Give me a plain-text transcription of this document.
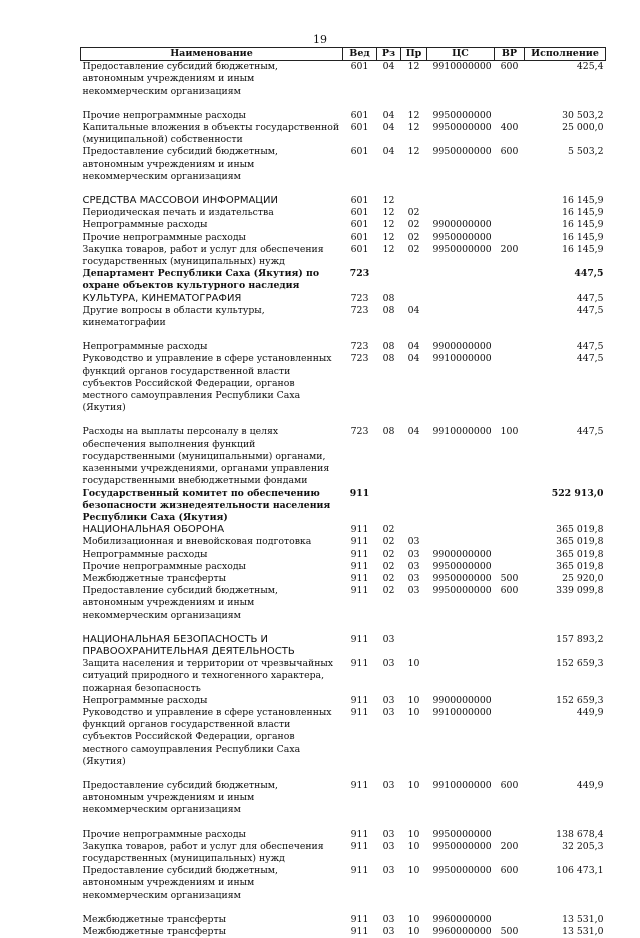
19
Наименование	Вед	Рз	Пр	ЦС	ВР	Исполнение
Предоставление субсидий бюджетным, автономным учреждениям и иным некоммерческим организациям	601	04	12	9910000000	600	425,4

Прочие непрограммные расходы	601	04	12	9950000000		30 503,2
Капитальные вложения в объекты государственной (муниципальной) собственности	601	04	12	9950000000	400	25 000,0
Предоставление субсидий бюджетным, автономным учреждениям и иным некоммерческим организациям	601	04	12	9950000000	600	5 503,2

СРЕДСТВА МАССОВОЙ ИНФОРМАЦИИ	601	12				16 145,9
Периодическая печать и издательства	601	12	02			16 145,9
Непрограммные расходы	601	12	02	9900000000		16 145,9
Прочие непрограммные расходы	601	12	02	9950000000		16 145,9
Закупка товаров, работ и услуг для обеспечения государственных (муниципальных) нужд	601	12	02	9950000000	200	16 145,9
Департамент Республики Саха (Якутия) по охране объектов культурного наследия	723					447,5
КУЛЬТУРА, КИНЕМАТОГРАФИЯ	723	08				447,5
Другие вопросы в области культуры, кинематографии	723	08	04			447,5

Непрограммные расходы	723	08	04	9900000000		447,5
Руководство и управление в сфере установленных функций органов государственной власти субъектов Российской Федерации, органов местного самоуправления Республики Саха (Якутия)	723	08	04	9910000000		447,5

Расходы на выплаты персоналу в целях обеспечения выполнения функций государственными (муниципальными) органами, казенными учреждениями, органами управления государственными внебюджетными фондами	723	08	04	9910000000	100	447,5
Государственный комитет по обеспечению безопасности жизнедеятельности населения Республики Саха (Якутия)	911					522 913,0
НАЦИОНАЛЬНАЯ ОБОРОНА	911	02				365 019,8
Мобилизационная и вневойсковая подготовка	911	02	03			365 019,8
Непрограммные расходы	911	02	03	9900000000		365 019,8
Прочие непрограммные расходы	911	02	03	9950000000		365 019,8
Межбюджетные трансферты	911	02	03	9950000000	500	25 920,0
Предоставление субсидий бюджетным, автономным учреждениям и иным некоммерческим организациям	911	02	03	9950000000	600	339 099,8

НАЦИОНАЛЬНАЯ БЕЗОПАСНОСТЬ И ПРАВООХРАНИТЕЛЬНАЯ ДЕЯТЕЛЬНОСТЬ	911	03				157 893,2
Защита населения и территории от чрезвычайных ситуаций природного и техногенного характера, пожарная безопасность	911	03	10			152 659,3
Непрограммные расходы	911	03	10	9900000000		152 659,3
Руководство и управление в сфере установленных функций органов государственной власти субъектов Российской Федерации, органов местного самоуправления Республики Саха (Якутия)	911	03	10	9910000000		449,9

Предоставление субсидий бюджетным, автономным учреждениям и иным некоммерческим организациям	911	03	10	9910000000	600	449,9

Прочие непрограммные расходы	911	03	10	9950000000		138 678,4
Закупка товаров, работ и услуг для обеспечения государственных (муниципальных) нужд	911	03	10	9950000000	200	32 205,3
Предоставление субсидий бюджетным, автономным учреждениям и иным некоммерческим организациям	911	03	10	9950000000	600	106 473,1

Межбюджетные трансферты	911	03	10	9960000000		13 531,0
Межбюджетные трансферты	911	03	10	9960000000	500	13 531,0
